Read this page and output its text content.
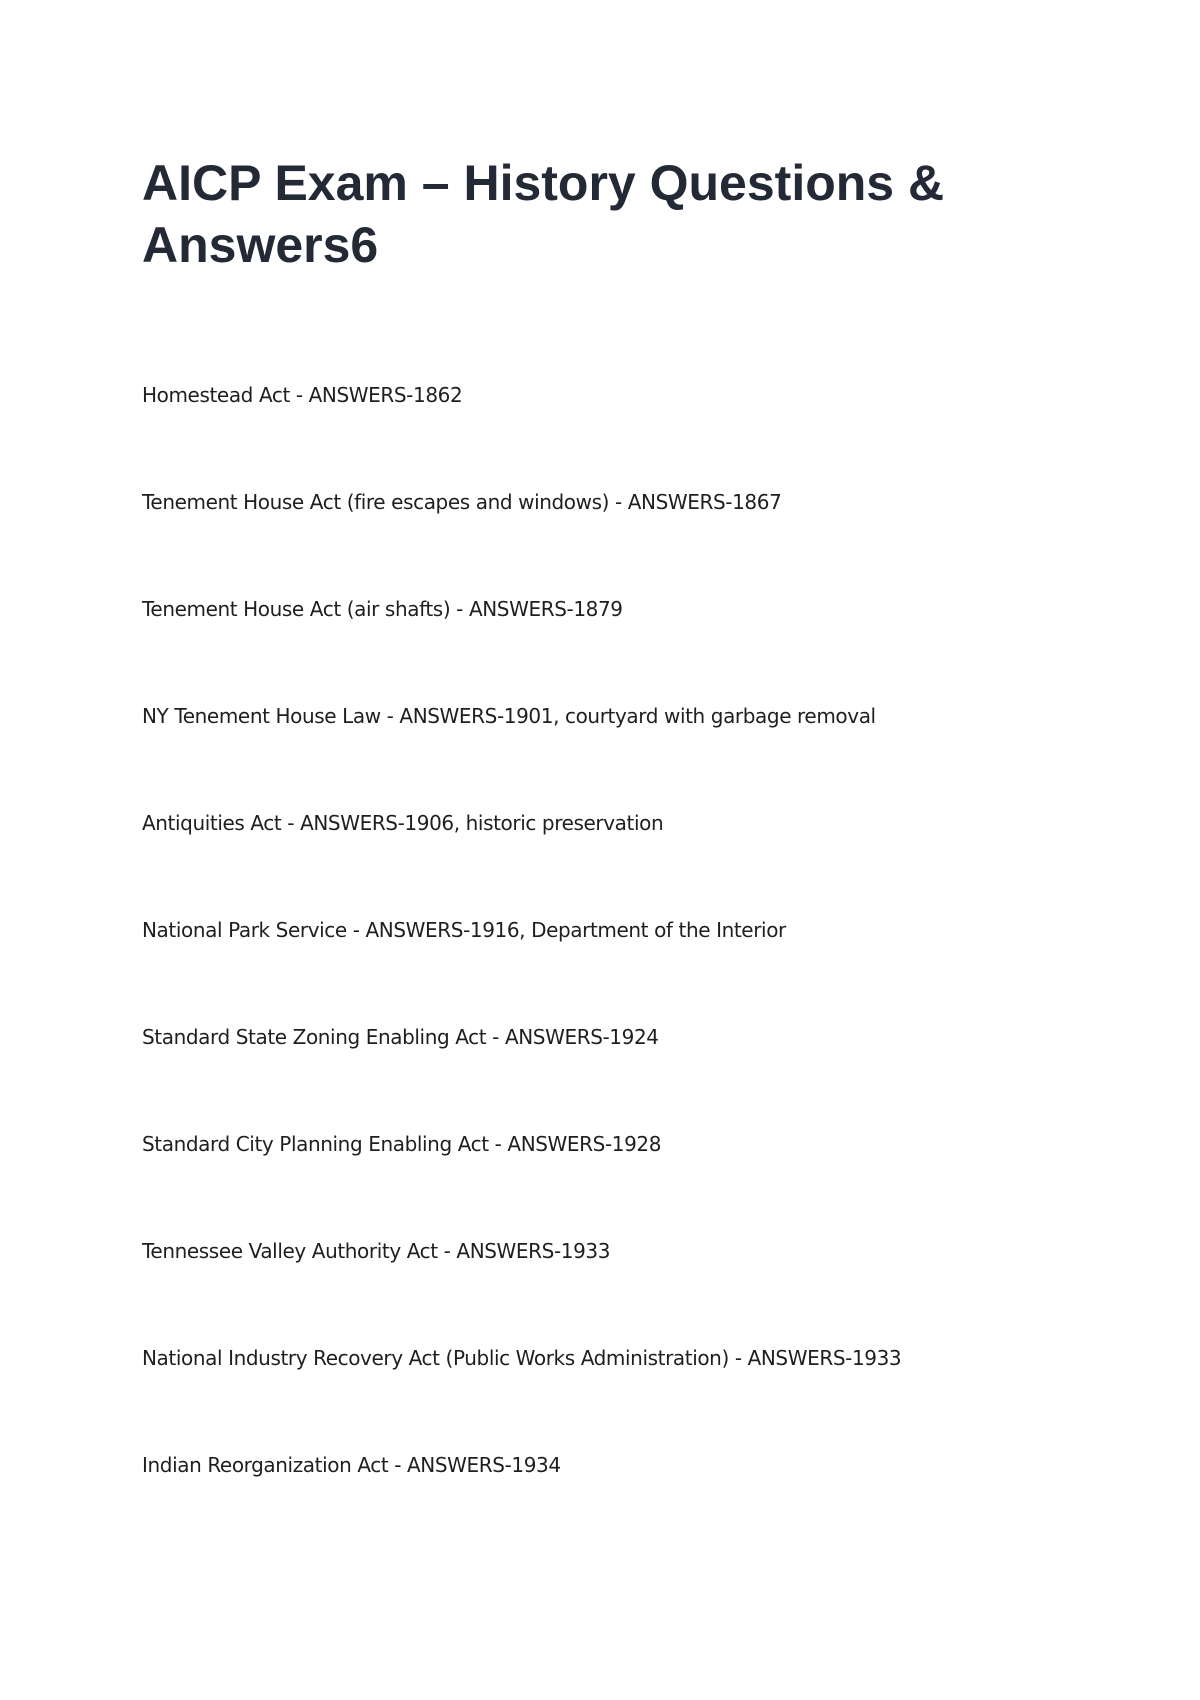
AICP Exam – History Questions & Answers6
Homestead Act - ANSWERS-1862
Tenement House Act (fire escapes and windows) - ANSWERS-1867
Tenement House Act (air shafts) - ANSWERS-1879
NY Tenement House Law - ANSWERS-1901, courtyard with garbage removal
Antiquities Act - ANSWERS-1906, historic preservation
National Park Service - ANSWERS-1916, Department of the Interior
Standard State Zoning Enabling Act - ANSWERS-1924
Standard City Planning Enabling Act - ANSWERS-1928
Tennessee Valley Authority Act - ANSWERS-1933
National Industry Recovery Act (Public Works Administration) - ANSWERS-1933
Indian Reorganization Act - ANSWERS-1934
